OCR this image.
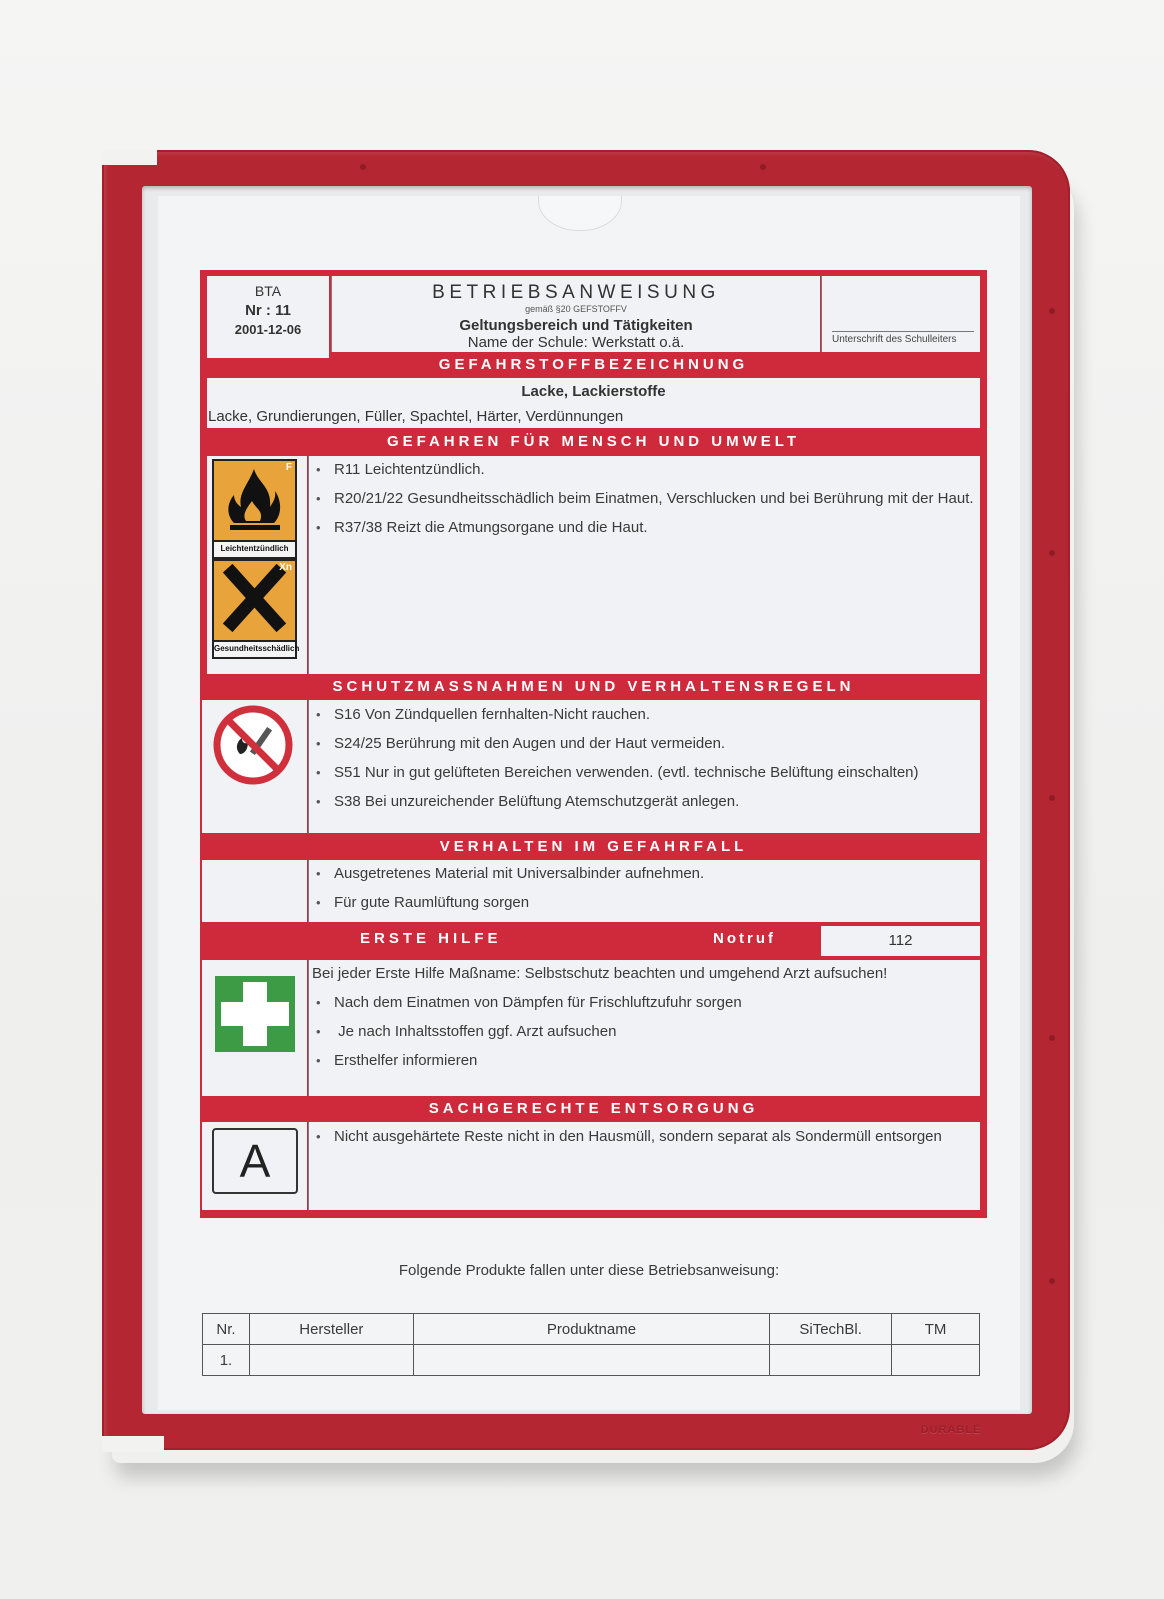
DURABLE
BTA
Nr : 11
2001-12-06
BETRIEBSANWEISUNG
gemäß §20 GEFSTOFFV
Geltungsbereich und Tätigkeiten
Name der Schule: Werkstatt o.ä.	Unterschrift des Schulleiters
GEFAHRSTOFFBEZEICHNUNG
Lacke, Lackierstoffe
Lacke, Grundierungen, Füller, Spachtel, Härter, Verdünnungen
GEFAHREN FÜR MENSCH UND UMWELT
F
Leichtentzündlich
Xn
Gesundheitsschädlich
• R11 Leichtentzündlich.
• R20/21/22 Gesundheitsschädlich beim Einatmen, Verschlucken und bei Berührung mit der Haut.
• R37/38 Reizt die Atmungsorgane und die Haut.
SCHUTZMASSNAHMEN UND VERHALTENSREGELN
• S16 Von Zündquellen fernhalten-Nicht rauchen.
• S24/25 Berührung mit den Augen und der Haut vermeiden.
• S51 Nur in gut gelüfteten Bereichen verwenden. (evtl. technische Belüftung einschalten)
• S38 Bei unzureichender Belüftung Atemschutzgerät anlegen.
VERHALTEN IM GEFAHRFALL
• Ausgetretenes Material mit Universalbinder aufnehmen.
• Für gute Raumlüftung sorgen
ERSTE HILFE	Notruf	112
Bei jeder Erste Hilfe Maßname: Selbstschutz beachten und umgehend Arzt aufsuchen!
• Nach dem Einatmen von Dämpfen für Frischluftzufuhr sorgen
•  Je nach Inhaltsstoffen ggf. Arzt aufsuchen
• Ersthelfer informieren
SACHGERECHTE ENTSORGUNG
A	• Nicht ausgehärtete Reste nicht in den Hausmüll, sondern separat als Sondermüll entsorgen
Folgende Produkte fallen unter diese Betriebsanweisung:
Nr.	Hersteller	Produktname	SiTechBl.	TM
1.				
